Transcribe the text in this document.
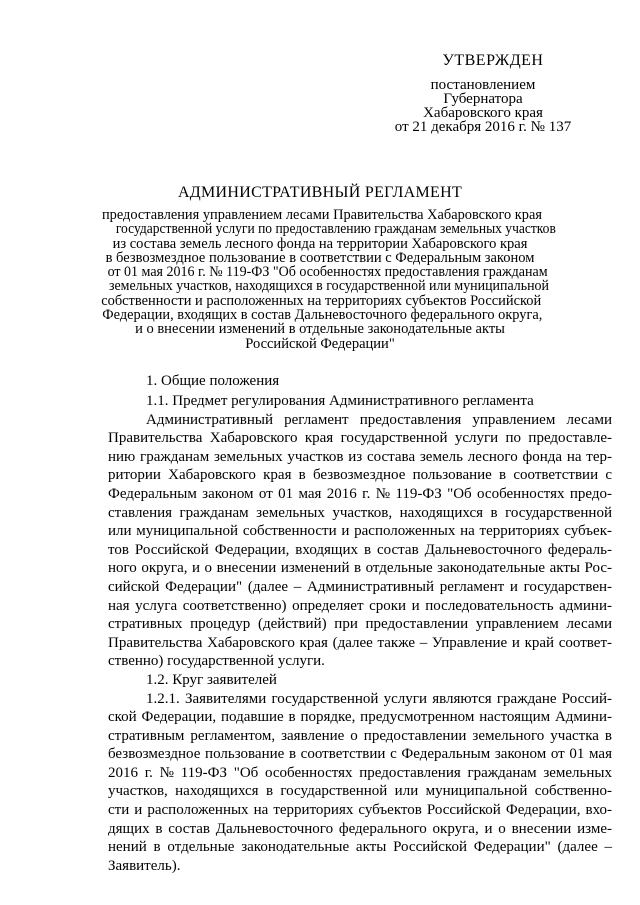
УТВЕРЖДЕН
постановлением
Губернатора
Хабаровского края
от 21 декабря 2016 г. № 137
АДМИНИСТРАТИВНЫЙ РЕГЛАМЕНТ
предоставления управлением лесами Правительства Хабаровского края
государственной услуги по предоставлению гражданам земельных участков
из состава земель лесного фонда на территории Хабаровского края
в безвозмездное пользование в соответствии с Федеральным законом
от 01 мая 2016 г. № 119-ФЗ "Об особенностях предоставления гражданам
земельных участков, находящихся в государственной или муниципальной
собственности и расположенных на территориях субъектов Российской
Федерации, входящих в состав Дальневосточного федерального округа,
и о внесении изменений в отдельные законодательные акты
Российской Федерации"
1. Общие положения
1.1. Предмет регулирования Административного регламента
Административный регламент предоставления управлением лесами
Правительства Хабаровского края государственной услуги по предоставле-
нию гражданам земельных участков из состава земель лесного фонда на тер-
ритории Хабаровского края в безвозмездное пользование в соответствии с
Федеральным законом от 01 мая 2016 г. № 119-ФЗ "Об особенностях предо-
ставления гражданам земельных участков, находящихся в государственной
или муниципальной собственности и расположенных на территориях субъек-
тов Российской Федерации, входящих в состав Дальневосточного федераль-
ного округа, и о внесении изменений в отдельные законодательные акты Рос-
сийской Федерации" (далее – Административный регламент и государствен-
ная услуга соответственно) определяет сроки и последовательность админи-
стративных процедур (действий) при предоставлении управлением лесами
Правительства Хабаровского края (далее также – Управление и край соответ-
ственно) государственной услуги.
1.2. Круг заявителей
1.2.1. Заявителями государственной услуги являются граждане Россий-
ской Федерации, подавшие в порядке, предусмотренном настоящим Админи-
стративным регламентом, заявление о предоставлении земельного участка в
безвозмездное пользование в соответствии с Федеральным законом от 01 мая
2016 г. № 119-ФЗ "Об особенностях предоставления гражданам земельных
участков, находящихся в государственной или муниципальной собственно-
сти и расположенных на территориях субъектов Российской Федерации, вхо-
дящих в состав Дальневосточного федерального округа, и о внесении изме-
нений в отдельные законодательные акты Российской Федерации" (далее –
Заявитель).
